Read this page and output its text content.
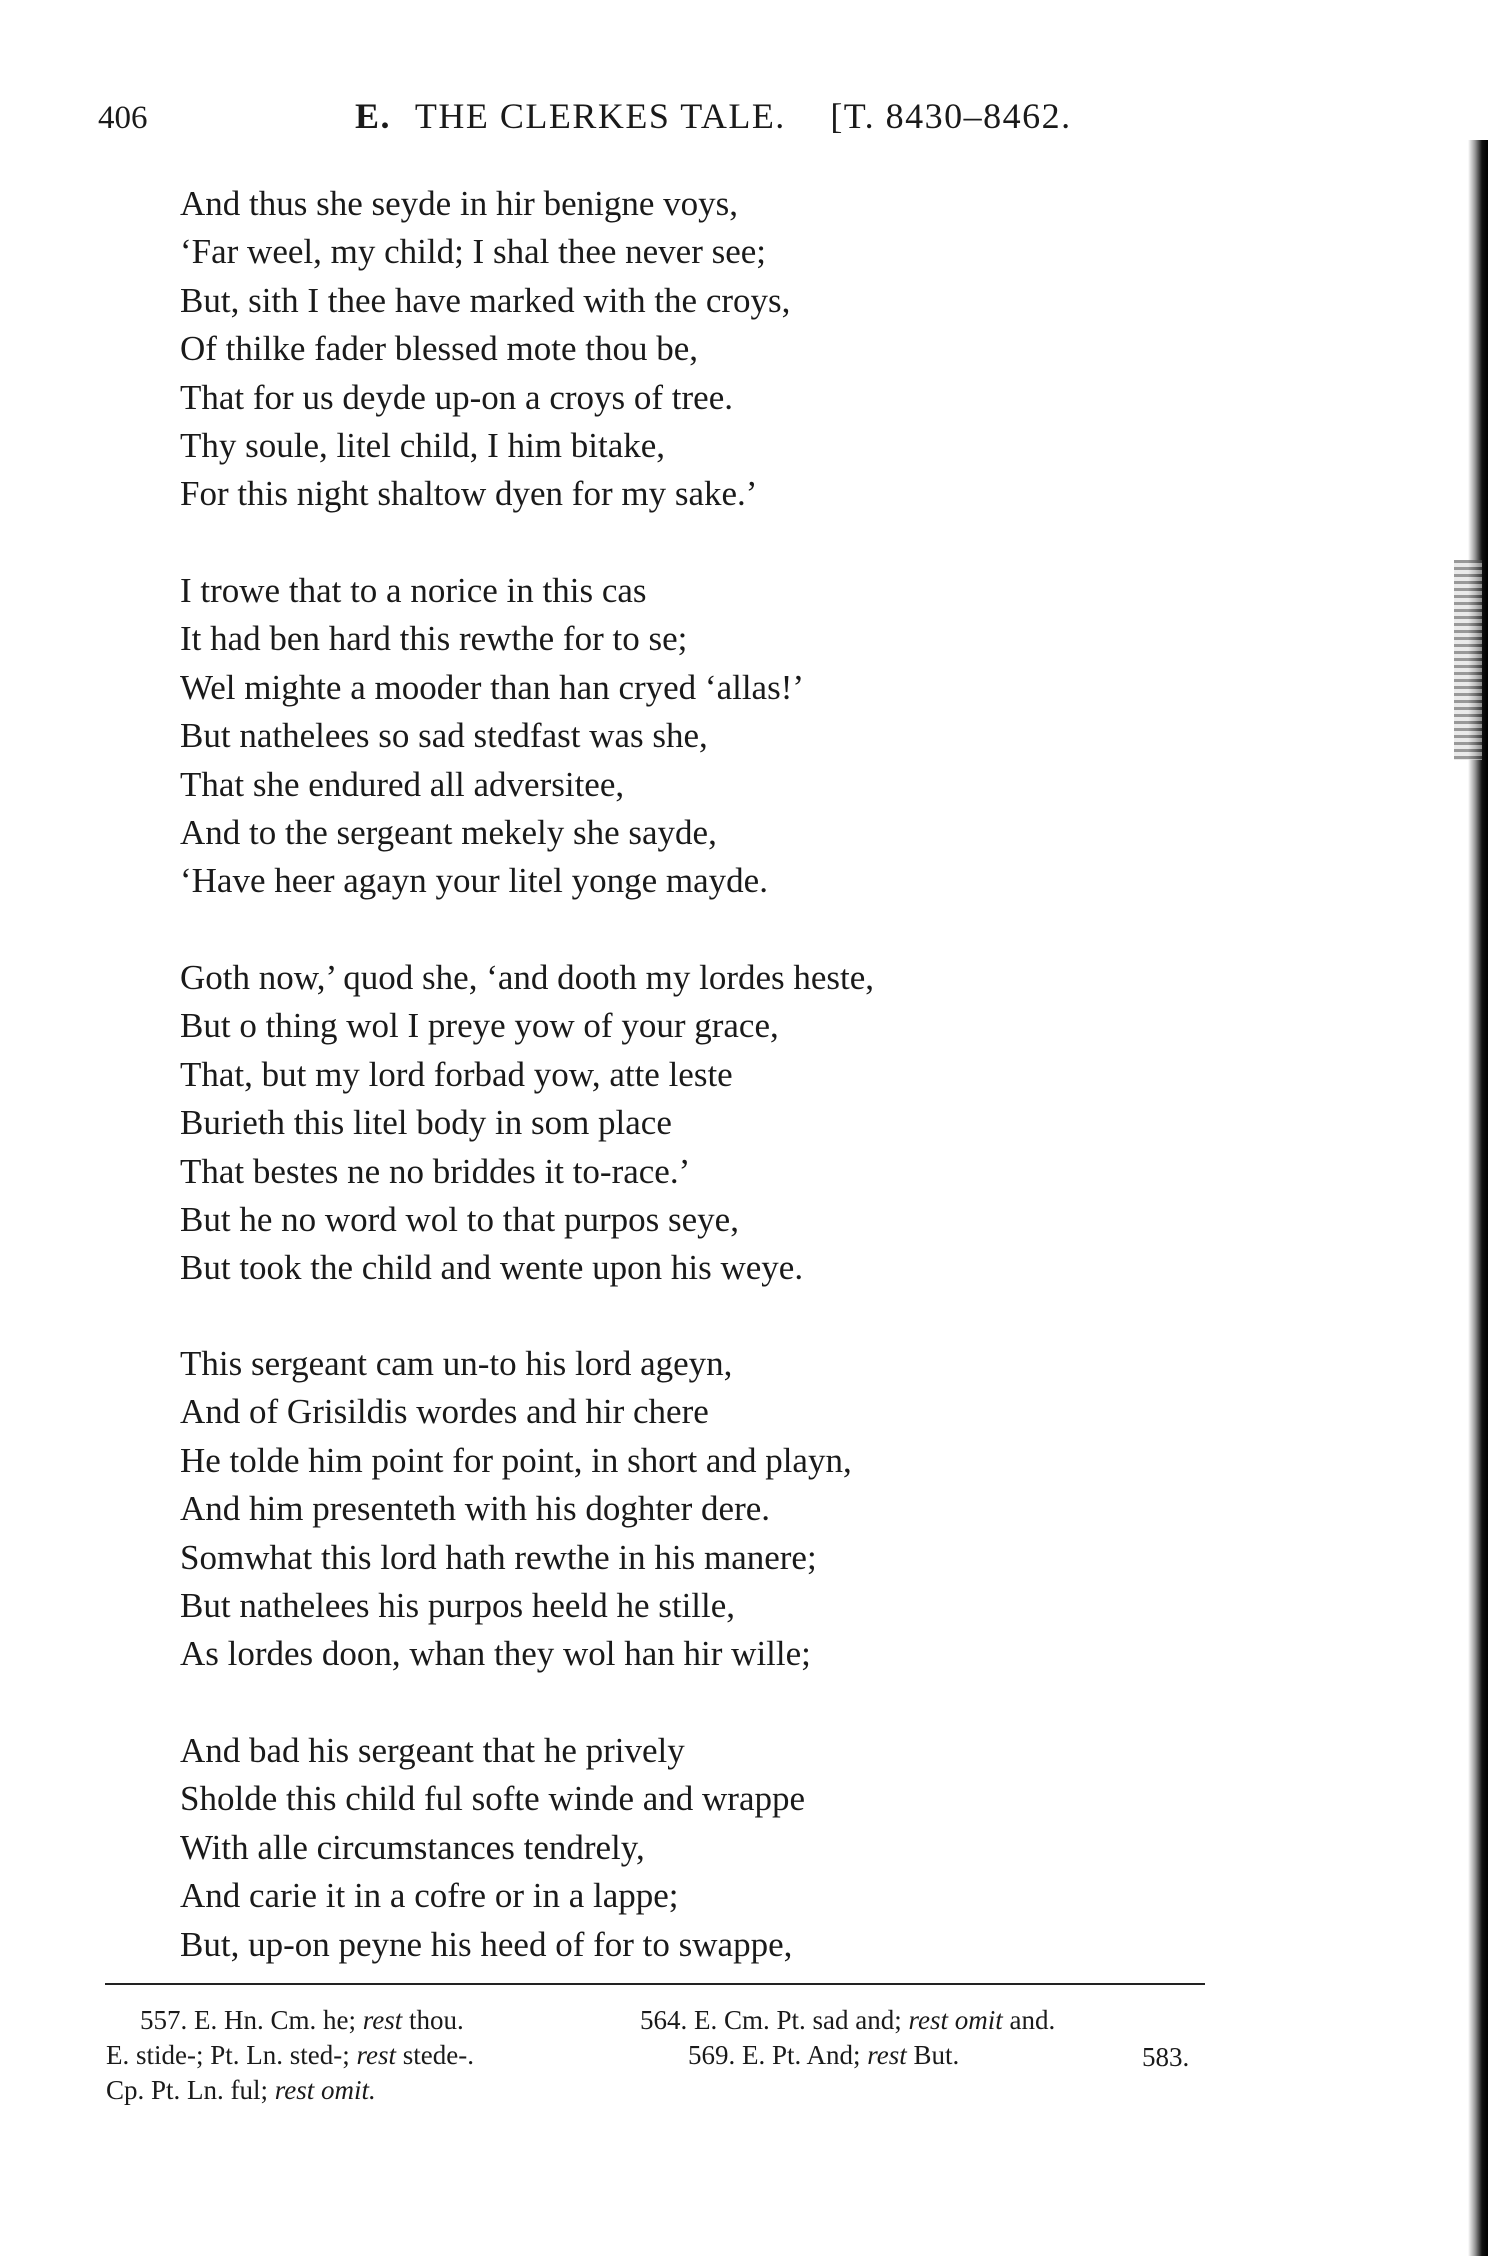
406	E. THE CLERKES TALE. [T. 8430–8462.
And thus she seyde in hir benigne voys,
‘Far weel, my child; I shal thee never see;
But, sith I thee have marked with the croys,
Of thilke fader blessed mote thou be,
That for us deyde up-on a croys of tree.
Thy soule, litel child, I him bitake,
For this night shaltow dyen for my sake.’
I trowe that to a norice in this cas
It had ben hard this rewthe for to se;
Wel mighte a mooder than han cryed ‘allas!’
But nathelees so sad stedfast was she,
That she endured all adversitee,
And to the sergeant mekely she sayde,
‘Have heer agayn your litel yonge mayde.
Goth now,’ quod she, ‘and dooth my lordes heste,
But o thing wol I preye yow of your grace,
That, but my lord forbad yow, atte leste
Burieth this litel body in som place
That bestes ne no briddes it to-race.’
But he no word wol to that purpos seye,
But took the child and wente upon his weye.
This sergeant cam un-to his lord ageyn,
And of Grisildis wordes and hir chere
He tolde him point for point, in short and playn,
And him presenteth with his doghter dere.
Somwhat this lord hath rewthe in his manere;
But nathelees his purpos heeld he stille,
As lordes doon, whan they wol han hir wille;
And bad his sergeant that he prively
Sholde this child ful softe winde and wrappe
With alle circumstances tendrely,
And carie it in a cofre or in a lappe;
But, up-on peyne his heed of for to swappe,
557. E. Hn. Cm. he; rest thou.	564. E. Cm. Pt. sad and; rest omit and.
E. stide-; Pt. Ln. sted-; rest stede-.	569. E. Pt. And; rest But.	583.
Cp. Pt. Ln. ful; rest omit.
